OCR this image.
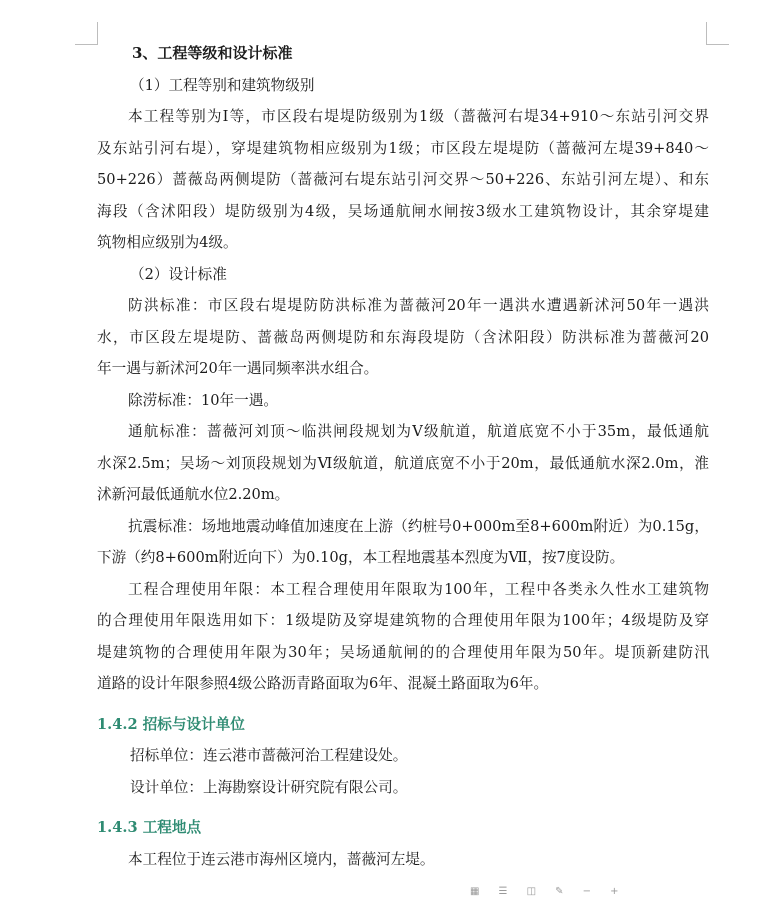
3、工程等级和设计标准
（1）工程等别和建筑物级别
本工程等别为Ⅰ等，市区段右堤堤防级别为1级（蔷薇河右堤34+910～东站引河交界
及东站引河右堤），穿堤建筑物相应级别为1级；市区段左堤堤防（蔷薇河左堤39+840～
50+226）蔷薇岛两侧堤防（蔷薇河右堤东站引河交界～50+226、东站引河左堤）、和东
海段（含沭阳段）堤防级别为4级，吴场通航闸水闸按3级水工建筑物设计，其余穿堤建
筑物相应级别为4级。
（2）设计标准
防洪标准：市区段右堤堤防防洪标准为蔷薇河20年一遇洪水遭遇新沭河50年一遇洪
水，市区段左堤堤防、蔷薇岛两侧堤防和东海段堤防（含沭阳段）防洪标准为蔷薇河20
年一遇与新沭河20年一遇同频率洪水组合。
除涝标准：10年一遇。
通航标准：蔷薇河刘顶～临洪闸段规划为Ⅴ级航道，航道底宽不小于35m，最低通航
水深2.5m；吴场～刘顶段规划为Ⅵ级航道，航道底宽不小于20m，最低通航水深2.0m，淮
沭新河最低通航水位2.20m。
抗震标准：场地地震动峰值加速度在上游（约桩号0+000m至8+600m附近）为0.15g，
下游（约8+600m附近向下）为0.10g，本工程地震基本烈度为Ⅶ，按7度设防。
工程合理使用年限：本工程合理使用年限取为100年，工程中各类永久性水工建筑物
的合理使用年限选用如下：1级堤防及穿堤建筑物的合理使用年限为100年；4级堤防及穿
堤建筑物的合理使用年限为30年；吴场通航闸的的合理使用年限为50年。堤顶新建防汛
道路的设计年限参照4级公路沥青路面取为6年、混凝土路面取为6年。
1.4.2 招标与设计单位
招标单位：连云港市蔷薇河治工程建设处。
设计单位：上海勘察设计研究院有限公司。
1.4.3 工程地点
本工程位于连云港市海州区境内，蔷薇河左堤。
▦ ☰ ◫ ✎ − +
